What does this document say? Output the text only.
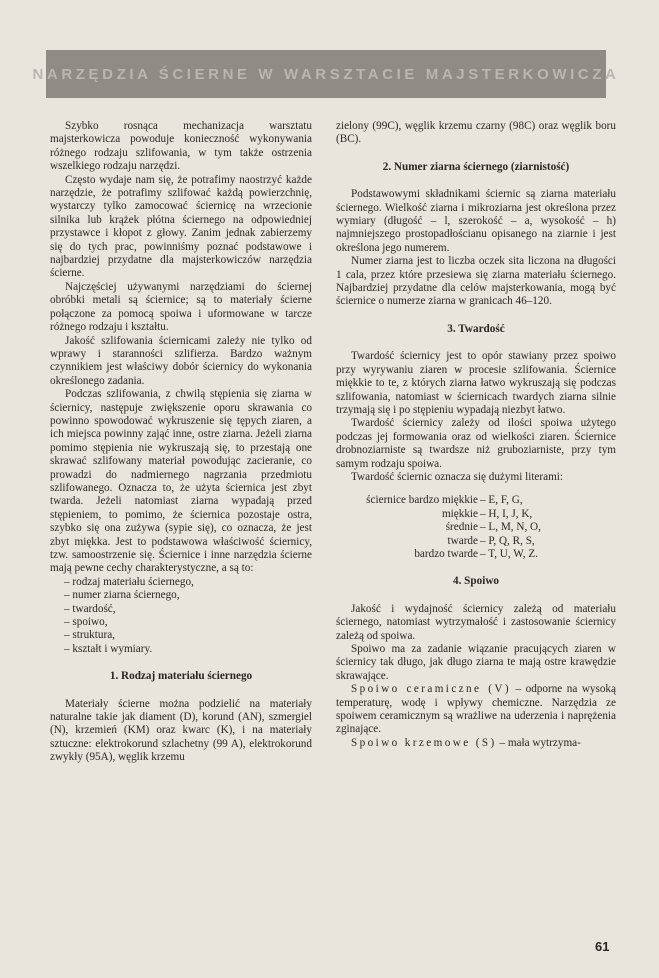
NARZĘDZIA ŚCIERNE W WARSZTACIE MAJSTERKOWICZA

Szybko rosnąca mechanizacja warsztatu majsterkowicza powoduje konieczność wykonywania różnego rodzaju szlifowania, w tym także ostrzenia wszelkiego rodzaju narzędzi.

Często wydaje nam się, że potrafimy naostrzyć każde narzędzie, że potrafimy szlifować każdą powierzchnię, wystarczy tylko zamocować ściernicę na wrzecionie silnika lub krążek płótna ściernego na odpowiedniej przystawce i kłopot z głowy. Zanim jednak zabierzemy się do tych prac, powinniśmy poznać podstawowe i najbardziej przydatne dla majsterkowiczów narzędzia ścierne.

Najczęściej używanymi narzędziami do ściernej obróbki metali są ściernice; są to materiały ścierne połączone za pomocą spoiwa i uformowane w tarcze różnego rodzaju i kształtu.

Jakość szlifowania ściernicami zależy nie tylko od wprawy i staranności szlifierza. Bardzo ważnym czynnikiem jest właściwy dobór ściernicy do wykonania określonego zadania.

Podczas szlifowania, z chwilą stępienia się ziarna w ściernicy, następuje zwiększenie oporu skrawania co powinno spowodować wykruszenie się tępych ziaren, a ich miejsca powinny zająć inne, ostre ziarna. Jeżeli ziarna pomimo stępienia nie wykruszają się, to przestają one skrawać szlifowany materiał powodując zacieranie, co prowadzi do nadmiernego nagrzania przedmiotu szlifowanego. Oznacza to, że użyta ściernica jest zbyt twarda. Jeżeli natomiast ziarna wypadają przed stępieniem, to pomimo, że ściernica pozostaje ostra, szybko się ona zużywa (sypie się), co oznacza, że jest zbyt miękka. Jest to podstawowa właściwość ściernicy, tzw. samoostrzenie się. Ściernice i inne narzędzia ścierne mają pewne cechy charakterystyczne, a są to:

– rodzaj materiału ściernego,
– numer ziarna ściernego,
– twardość,
– spoiwo,
– struktura,
– kształt i wymiary.
1. Rodzaj materiału ściernego

Materiały ścierne można podzielić na materiały naturalne takie jak diament (D), korund (AN), szmergiel (N), krzemień (KM) oraz kwarc (K), i na materiały sztuczne: elektrokorund szlachetny (99 A), elektrokorund zwykły (95A), węglik krzemu

zielony (99C), węglik krzemu czarny (98C) oraz węglik boru (BC).

2. Numer ziarna ściernego (ziarnistość)

Podstawowymi składnikami ściernic są ziarna materiału ściernego. Wielkość ziarna i mikroziarna jest określona przez wymiary (długość – l, szerokość – a, wysokość – h) najmniejszego prostopadłościanu opisanego na ziarnie i jest określona jego numerem.

Numer ziarna jest to liczba oczek sita liczona na długości 1 cala, przez które przesiewa się ziarna materiału ściernego. Najbardziej przydatne dla celów majsterkowania, mogą być ściernice o numerze ziarna w granicach 46–120.

3. Twardość

Twardość ściernicy jest to opór stawiany przez spoiwo przy wyrywaniu ziaren w procesie szlifowania. Ściernice miękkie to te, z których ziarna łatwo wykruszają się podczas szlifowania, natomiast w ściernicach twardych ziarna silnie trzymają się i po stępieniu wypadają niezbyt łatwo.

Twardość ściernicy zależy od ilości spoiwa użytego podczas jej formowania oraz od wielkości ziaren. Ściernice drobnoziarniste są twardsze niż gruboziarniste, przy tym samym rodzaju spoiwa.

Twardość ściernic oznacza się dużymi literami:

ściernice bardzo miękkie – E, F, G,
miękkie – H, I, J, K,
średnie – L, M, N, O,
twarde – P, Q, R, S,
bardzo twarde – T, U, W, Z.
4. Spoiwo

Jakość i wydajność ściernicy zależą od materiału ściernego, natomiast wytrzymałość i zastosowanie ściernicy zależą od spoiwa.

Spoiwo ma za zadanie wiązanie pracujących ziaren w ściernicy tak długo, jak długo ziarna te mają ostre krawędzie skrawające.

Spoiwo ceramiczne (V) – odporne na wysoką temperaturę, wodę i wpływy chemiczne. Narzędzia ze spoiwem ceramicznym są wrażliwe na uderzenia i naprężenia zginające.

Spoiwo krzemowe (S) – mała wytrzyma-

61
